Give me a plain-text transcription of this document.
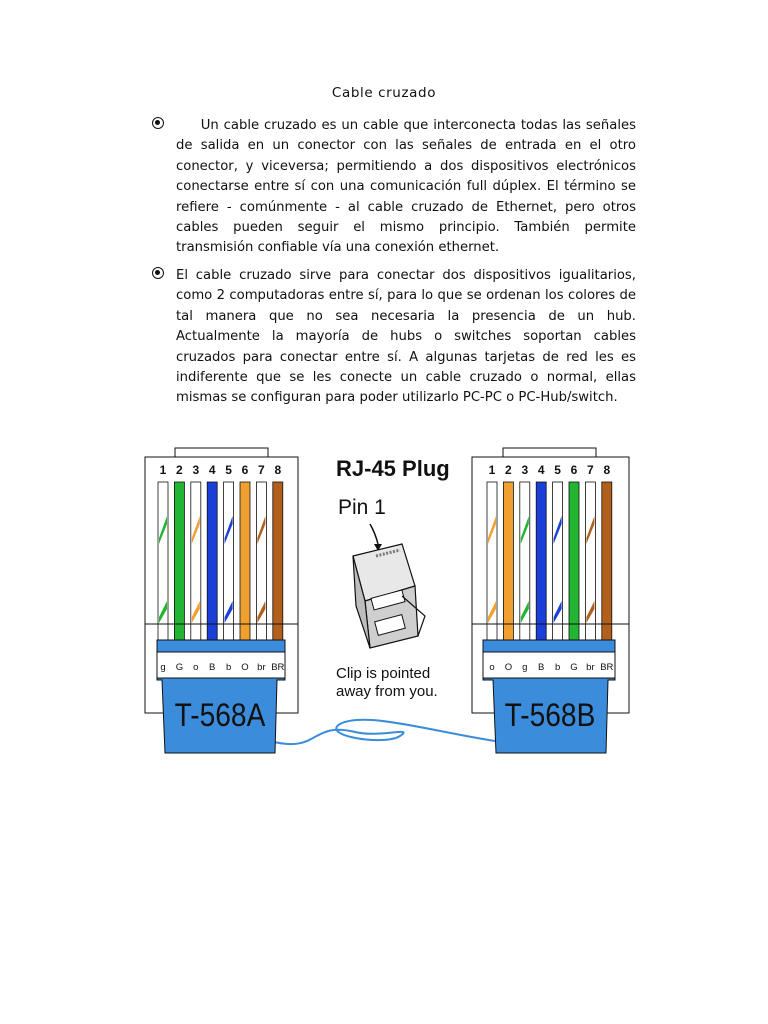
Cable cruzado

Un cable cruzado es un cable que interconecta todas las señales de salida en un conector con las señales de entrada en el otro conector, y viceversa; permitiendo a dos dispositivos electrónicos conectarse entre sí con una comunicación full dúplex. El término se refiere - comúnmente - al cable cruzado de Ethernet, pero otros cables pueden seguir el mismo principio. También permite transmisión confiable vía una conexión ethernet.

El cable cruzado sirve para conectar dos dispositivos igualitarios, como 2 computadoras entre sí, para lo que se ordenan los colores de tal manera que no sea necesaria la presencia de un hub. Actualmente la mayoría de hubs o switches soportan cables cruzados para conectar entre sí. A algunas tarjetas de red les es indiferente que se les conecte un cable cruzado o normal, ellas mismas se configuran para poder utilizarlo PC-PC o PC-Hub/switch.

1 2 3 4 5 6 7 8
g G o B b O br BR
T-568A
1 2 3 4 5 6 7 8
o O g B b G br BR
T-568B
RJ-45 Plug
Pin 1
Clip is pointed
away from you.
